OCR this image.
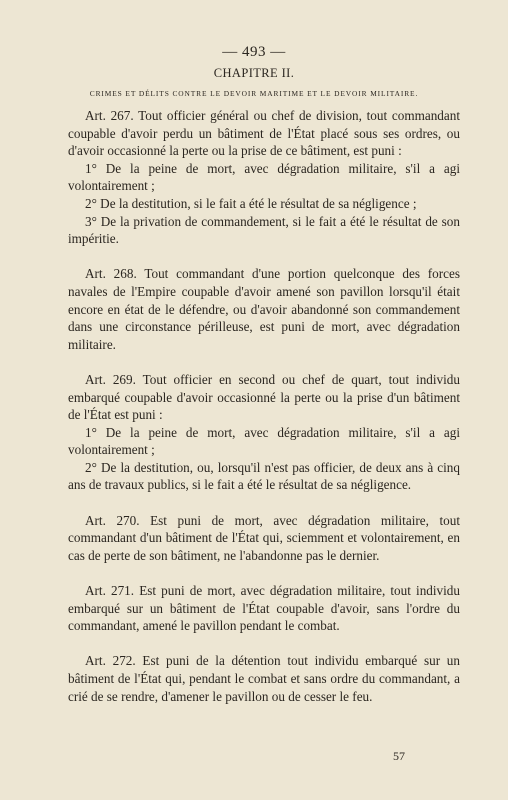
— 493 —
CHAPITRE II.
CRIMES ET DÉLITS CONTRE LE DEVOIR MARITIME ET LE DEVOIR MILITAIRE.

Art. 267. Tout officier général ou chef de division, tout commandant coupable d'avoir perdu un bâtiment de l'État placé sous ses ordres, ou d'avoir occasionné la perte ou la prise de ce bâtiment, est puni :

1° De la peine de mort, avec dégradation militaire, s'il a agi volontairement ;

2° De la destitution, si le fait a été le résultat de sa négligence ;

3° De la privation de commandement, si le fait a été le résultat de son impéritie.

Art. 268. Tout commandant d'une portion quelconque des forces navales de l'Empire coupable d'avoir amené son pavillon lorsqu'il était encore en état de le défendre, ou d'avoir abandonné son commandement dans une circonstance périlleuse, est puni de mort, avec dégradation militaire.

Art. 269. Tout officier en second ou chef de quart, tout individu embarqué coupable d'avoir occasionné la perte ou la prise d'un bâtiment de l'État est puni :

1° De la peine de mort, avec dégradation militaire, s'il a agi volontairement ;

2° De la destitution, ou, lorsqu'il n'est pas officier, de deux ans à cinq ans de travaux publics, si le fait a été le résultat de sa négligence.

Art. 270. Est puni de mort, avec dégradation militaire, tout commandant d'un bâtiment de l'État qui, sciemment et volontairement, en cas de perte de son bâtiment, ne l'abandonne pas le dernier.

Art. 271. Est puni de mort, avec dégradation militaire, tout individu embarqué sur un bâtiment de l'État coupable d'avoir, sans l'ordre du commandant, amené le pavillon pendant le combat.

Art. 272. Est puni de la détention tout individu embarqué sur un bâtiment de l'État qui, pendant le combat et sans ordre du commandant, a crié de se rendre, d'amener le pavillon ou de cesser le feu.

57
